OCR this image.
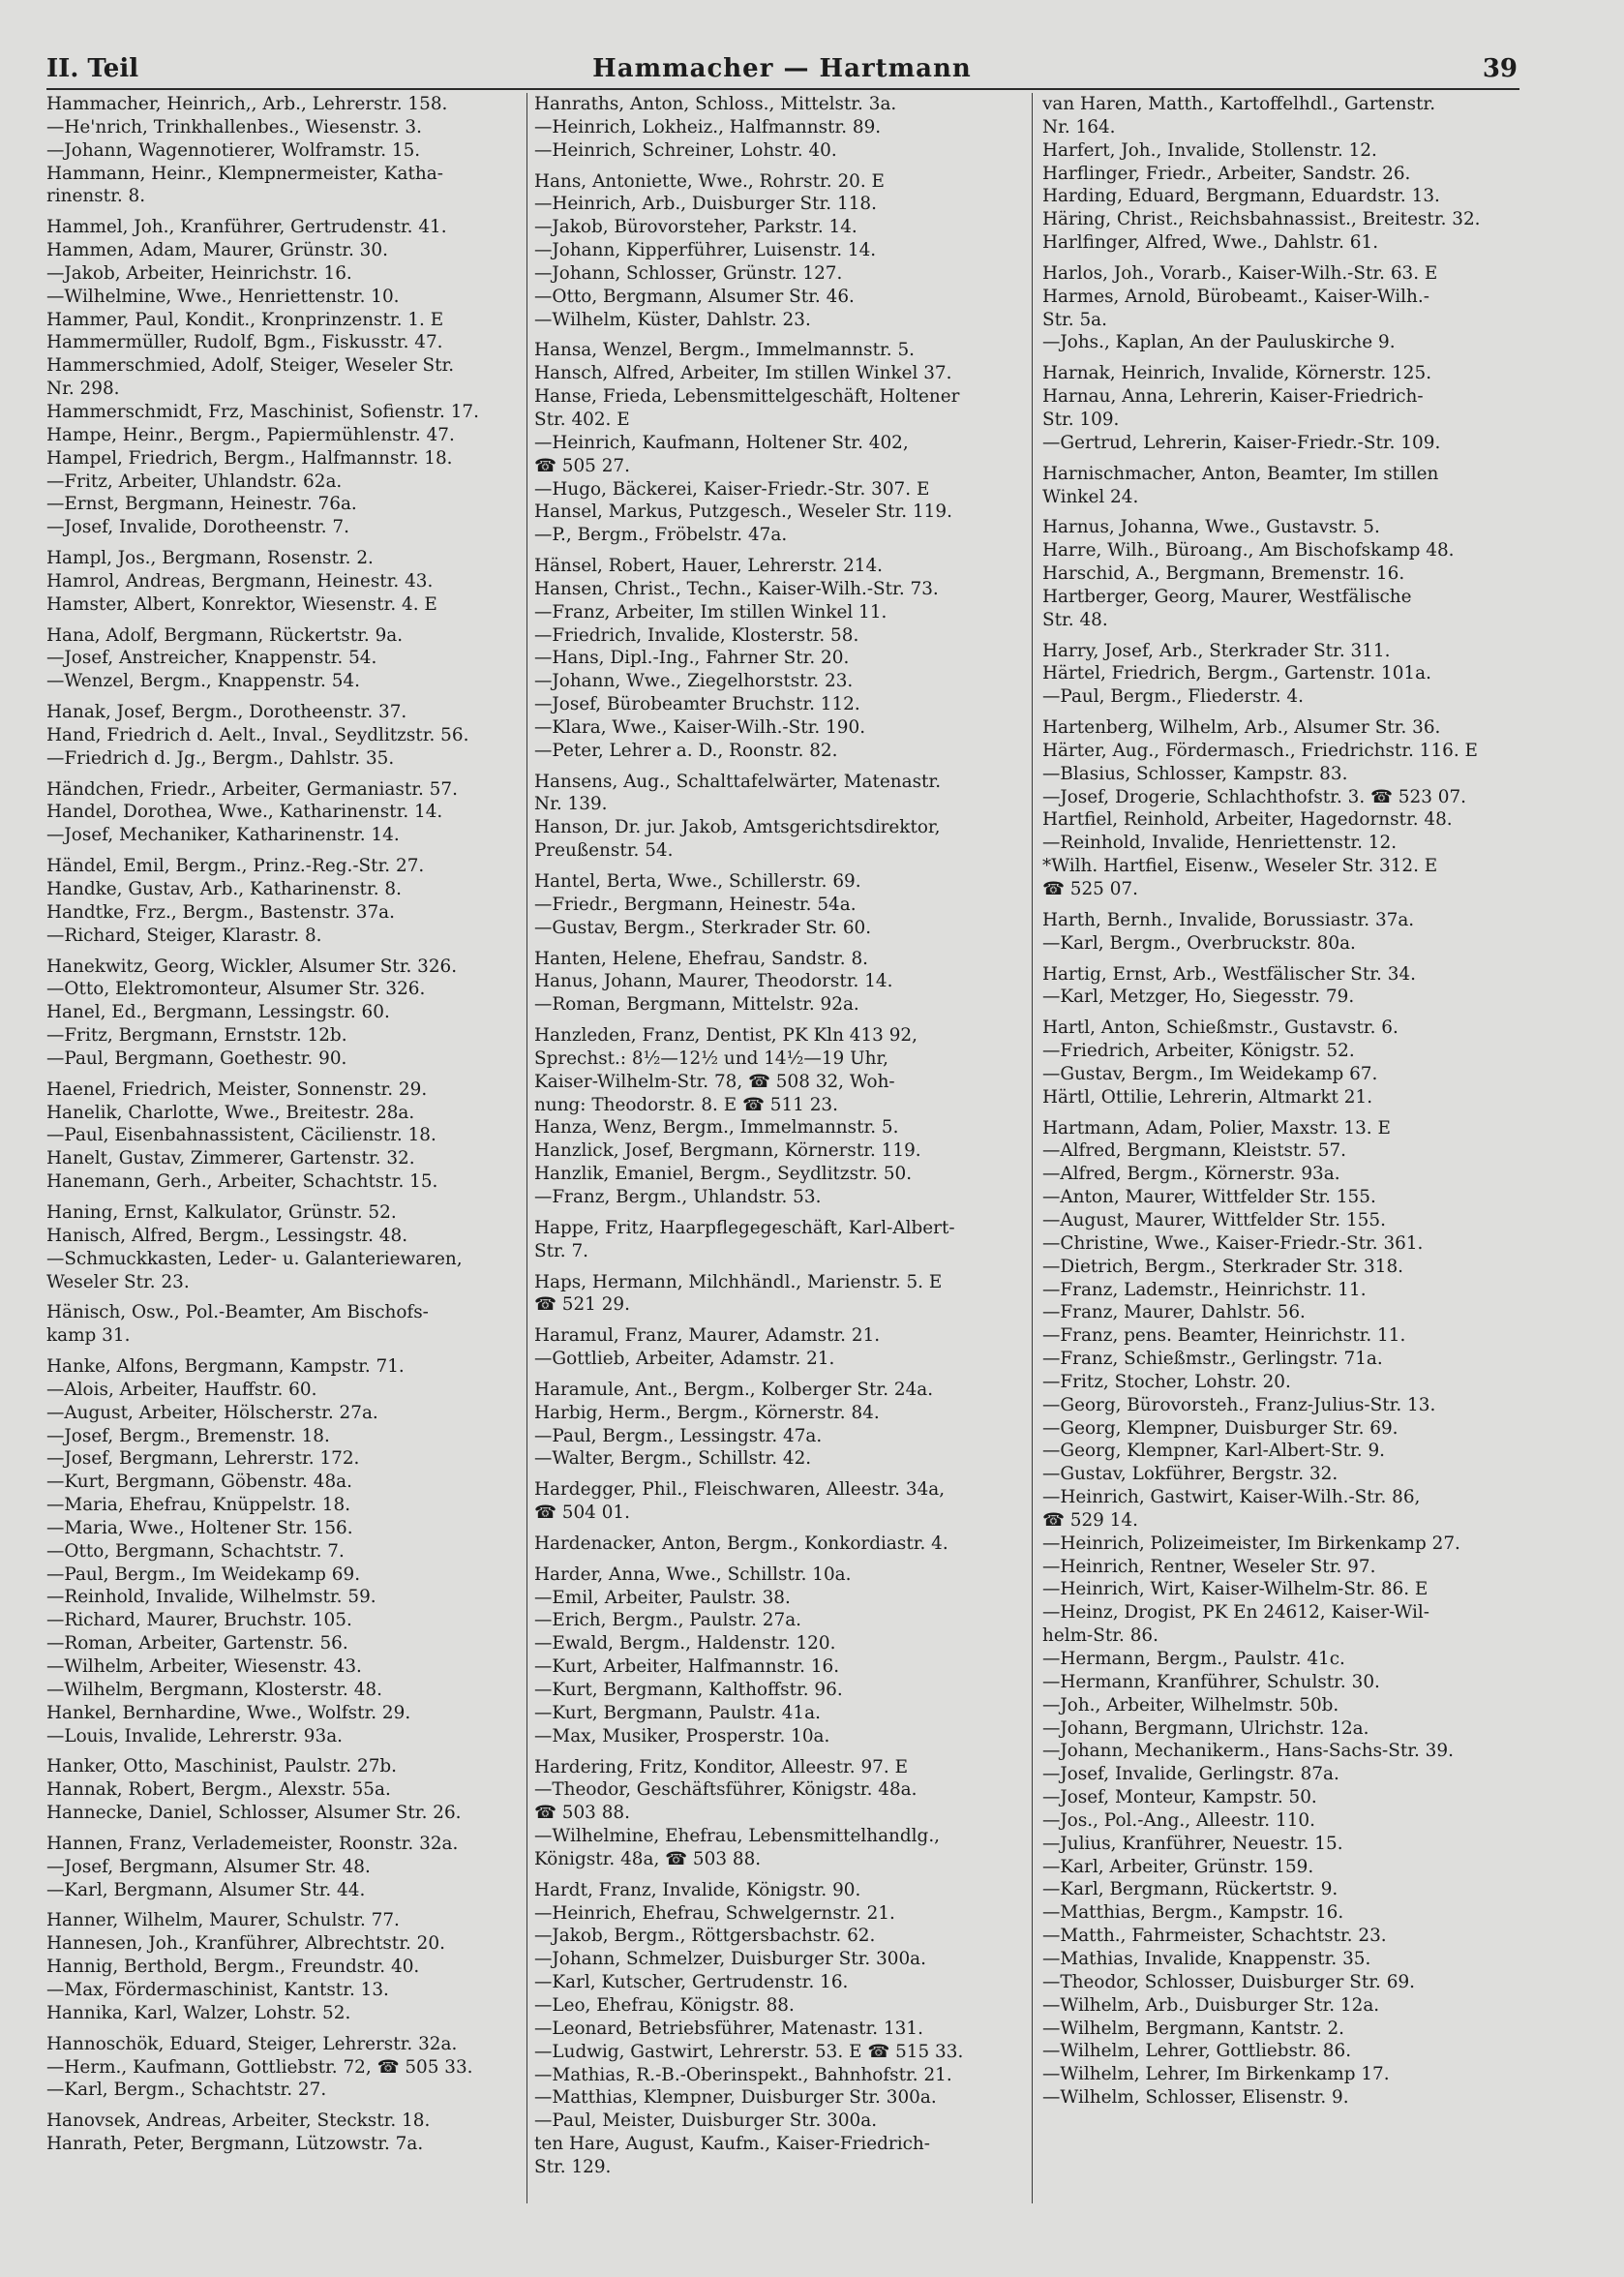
II. Teil	Hammacher — Hartmann	39
Hammacher, Heinrich,, Arb., Lehrerstr. 158.
—He'nrich, Trinkhallenbes., Wiesenstr. 3.
—Johann, Wagennotierer, Wolframstr. 15.
Hammann, Heinr., Klempnermeister, Katha-
rinenstr. 8.
Hammel, Joh., Kranführer, Gertrudenstr. 41.
Hammen, Adam, Maurer, Grünstr. 30.
—Jakob, Arbeiter, Heinrichstr. 16.
—Wilhelmine, Wwe., Henriettenstr. 10.
Hammer, Paul, Kondit., Kronprinzenstr. 1. E
Hammermüller, Rudolf, Bgm., Fiskusstr. 47.
Hammerschmied, Adolf, Steiger, Weseler Str.
Nr. 298.
Hammerschmidt, Frz, Maschinist, Sofienstr. 17.
Hampe, Heinr., Bergm., Papiermühlenstr. 47.
Hampel, Friedrich, Bergm., Halfmannstr. 18.
—Fritz, Arbeiter, Uhlandstr. 62a.
—Ernst, Bergmann, Heinestr. 76a.
—Josef, Invalide, Dorotheenstr. 7.
Hampl, Jos., Bergmann, Rosenstr. 2.
Hamrol, Andreas, Bergmann, Heinestr. 43.
Hamster, Albert, Konrektor, Wiesenstr. 4. E
Hana, Adolf, Bergmann, Rückertstr. 9a.
—Josef, Anstreicher, Knappenstr. 54.
—Wenzel, Bergm., Knappenstr. 54.
Hanak, Josef, Bergm., Dorotheenstr. 37.
Hand, Friedrich d. Aelt., Inval., Seydlitzstr. 56.
—Friedrich d. Jg., Bergm., Dahlstr. 35.
Händchen, Friedr., Arbeiter, Germaniastr. 57.
Handel, Dorothea, Wwe., Katharinenstr. 14.
—Josef, Mechaniker, Katharinenstr. 14.
Händel, Emil, Bergm., Prinz.-Reg.-Str. 27.
Handke, Gustav, Arb., Katharinenstr. 8.
Handtke, Frz., Bergm., Bastenstr. 37a.
—Richard, Steiger, Klarastr. 8.
Hanekwitz, Georg, Wickler, Alsumer Str. 326.
—Otto, Elektromonteur, Alsumer Str. 326.
Hanel, Ed., Bergmann, Lessingstr. 60.
—Fritz, Bergmann, Ernststr. 12b.
—Paul, Bergmann, Goethestr. 90.
Haenel, Friedrich, Meister, Sonnenstr. 29.
Hanelik, Charlotte, Wwe., Breitestr. 28a.
—Paul, Eisenbahnassistent, Cäcilienstr. 18.
Hanelt, Gustav, Zimmerer, Gartenstr. 32.
Hanemann, Gerh., Arbeiter, Schachtstr. 15.
Haning, Ernst, Kalkulator, Grünstr. 52.
Hanisch, Alfred, Bergm., Lessingstr. 48.
—Schmuckkasten, Leder- u. Galanteriewaren,
Weseler Str. 23.
Hänisch, Osw., Pol.-Beamter, Am Bischofs-
kamp 31.
Hanke, Alfons, Bergmann, Kampstr. 71.
—Alois, Arbeiter, Hauffstr. 60.
—August, Arbeiter, Hölscherstr. 27a.
—Josef, Bergm., Bremenstr. 18.
—Josef, Bergmann, Lehrerstr. 172.
—Kurt, Bergmann, Göbenstr. 48a.
—Maria, Ehefrau, Knüppelstr. 18.
—Maria, Wwe., Holtener Str. 156.
—Otto, Bergmann, Schachtstr. 7.
—Paul, Bergm., Im Weidekamp 69.
—Reinhold, Invalide, Wilhelmstr. 59.
—Richard, Maurer, Bruchstr. 105.
—Roman, Arbeiter, Gartenstr. 56.
—Wilhelm, Arbeiter, Wiesenstr. 43.
—Wilhelm, Bergmann, Klosterstr. 48.
Hankel, Bernhardine, Wwe., Wolfstr. 29.
—Louis, Invalide, Lehrerstr. 93a.
Hanker, Otto, Maschinist, Paulstr. 27b.
Hannak, Robert, Bergm., Alexstr. 55a.
Hannecke, Daniel, Schlosser, Alsumer Str. 26.
Hannen, Franz, Verlademeister, Roonstr. 32a.
—Josef, Bergmann, Alsumer Str. 48.
—Karl, Bergmann, Alsumer Str. 44.
Hanner, Wilhelm, Maurer, Schulstr. 77.
Hannesen, Joh., Kranführer, Albrechtstr. 20.
Hannig, Berthold, Bergm., Freundstr. 40.
—Max, Fördermaschinist, Kantstr. 13.
Hannika, Karl, Walzer, Lohstr. 52.
Hannoschök, Eduard, Steiger, Lehrerstr. 32a.
—Herm., Kaufmann, Gottliebstr. 72, ☎ 505 33.
—Karl, Bergm., Schachtstr. 27.
Hanovsek, Andreas, Arbeiter, Steckstr. 18.
Hanrath, Peter, Bergmann, Lützowstr. 7a.
Hanraths, Anton, Schloss., Mittelstr. 3a.
—Heinrich, Lokheiz., Halfmannstr. 89.
—Heinrich, Schreiner, Lohstr. 40.
Hans, Antoniette, Wwe., Rohrstr. 20. E
—Heinrich, Arb., Duisburger Str. 118.
—Jakob, Bürovorsteher, Parkstr. 14.
—Johann, Kipperführer, Luisenstr. 14.
—Johann, Schlosser, Grünstr. 127.
—Otto, Bergmann, Alsumer Str. 46.
—Wilhelm, Küster, Dahlstr. 23.
Hansa, Wenzel, Bergm., Immelmannstr. 5.
Hansch, Alfred, Arbeiter, Im stillen Winkel 37.
Hanse, Frieda, Lebensmittelgeschäft, Holtener
Str. 402. E
—Heinrich, Kaufmann, Holtener Str. 402,
☎ 505 27.
—Hugo, Bäckerei, Kaiser-Friedr.-Str. 307. E
Hansel, Markus, Putzgesch., Weseler Str. 119.
—P., Bergm., Fröbelstr. 47a.
Hänsel, Robert, Hauer, Lehrerstr. 214.
Hansen, Christ., Techn., Kaiser-Wilh.-Str. 73.
—Franz, Arbeiter, Im stillen Winkel 11.
—Friedrich, Invalide, Klosterstr. 58.
—Hans, Dipl.-Ing., Fahrner Str. 20.
—Johann, Wwe., Ziegelhorststr. 23.
—Josef, Bürobeamter Bruchstr. 112.
—Klara, Wwe., Kaiser-Wilh.-Str. 190.
—Peter, Lehrer a. D., Roonstr. 82.
Hansens, Aug., Schalttafelwärter, Matenastr.
Nr. 139.
Hanson, Dr. jur. Jakob, Amtsgerichtsdirektor,
Preußenstr. 54.
Hantel, Berta, Wwe., Schillerstr. 69.
—Friedr., Bergmann, Heinestr. 54a.
—Gustav, Bergm., Sterkrader Str. 60.
Hanten, Helene, Ehefrau, Sandstr. 8.
Hanus, Johann, Maurer, Theodorstr. 14.
—Roman, Bergmann, Mittelstr. 92a.
Hanzleden, Franz, Dentist, PK Kln 413 92,
Sprechst.: 8½—12½ und 14½—19 Uhr,
Kaiser-Wilhelm-Str. 78, ☎ 508 32, Woh-
nung: Theodorstr. 8. E ☎ 511 23.
Hanza, Wenz, Bergm., Immelmannstr. 5.
Hanzlick, Josef, Bergmann, Körnerstr. 119.
Hanzlik, Emaniel, Bergm., Seydlitzstr. 50.
—Franz, Bergm., Uhlandstr. 53.
Happe, Fritz, Haarpflegegeschäft, Karl-Albert-
Str. 7.
Haps, Hermann, Milchhändl., Marienstr. 5. E
☎ 521 29.
Haramul, Franz, Maurer, Adamstr. 21.
—Gottlieb, Arbeiter, Adamstr. 21.
Haramule, Ant., Bergm., Kolberger Str. 24a.
Harbig, Herm., Bergm., Körnerstr. 84.
—Paul, Bergm., Lessingstr. 47a.
—Walter, Bergm., Schillstr. 42.
Hardegger, Phil., Fleischwaren, Alleestr. 34a,
☎ 504 01.
Hardenacker, Anton, Bergm., Konkordiastr. 4.
Harder, Anna, Wwe., Schillstr. 10a.
—Emil, Arbeiter, Paulstr. 38.
—Erich, Bergm., Paulstr. 27a.
—Ewald, Bergm., Haldenstr. 120.
—Kurt, Arbeiter, Halfmannstr. 16.
—Kurt, Bergmann, Kalthoffstr. 96.
—Kurt, Bergmann, Paulstr. 41a.
—Max, Musiker, Prosperstr. 10a.
Hardering, Fritz, Konditor, Alleestr. 97. E
—Theodor, Geschäftsführer, Königstr. 48a.
☎ 503 88.
—Wilhelmine, Ehefrau, Lebensmittelhandlg.,
Königstr. 48a, ☎ 503 88.
Hardt, Franz, Invalide, Königstr. 90.
—Heinrich, Ehefrau, Schwelgernstr. 21.
—Jakob, Bergm., Röttgersbachstr. 62.
—Johann, Schmelzer, Duisburger Str. 300a.
—Karl, Kutscher, Gertrudenstr. 16.
—Leo, Ehefrau, Königstr. 88.
—Leonard, Betriebsführer, Matenastr. 131.
—Ludwig, Gastwirt, Lehrerstr. 53. E ☎ 515 33.
—Mathias, R.-B.-Oberinspekt., Bahnhofstr. 21.
—Matthias, Klempner, Duisburger Str. 300a.
—Paul, Meister, Duisburger Str. 300a.
ten Hare, August, Kaufm., Kaiser-Friedrich-
Str. 129.
van Haren, Matth., Kartoffelhdl., Gartenstr.
Nr. 164.
Harfert, Joh., Invalide, Stollenstr. 12.
Harflinger, Friedr., Arbeiter, Sandstr. 26.
Harding, Eduard, Bergmann, Eduardstr. 13.
Häring, Christ., Reichsbahnassist., Breitestr. 32.
Harlfinger, Alfred, Wwe., Dahlstr. 61.
Harlos, Joh., Vorarb., Kaiser-Wilh.-Str. 63. E
Harmes, Arnold, Bürobeamt., Kaiser-Wilh.-
Str. 5a.
—Johs., Kaplan, An der Pauluskirche 9.
Harnak, Heinrich, Invalide, Körnerstr. 125.
Harnau, Anna, Lehrerin, Kaiser-Friedrich-
Str. 109.
—Gertrud, Lehrerin, Kaiser-Friedr.-Str. 109.
Harnischmacher, Anton, Beamter, Im stillen
Winkel 24.
Harnus, Johanna, Wwe., Gustavstr. 5.
Harre, Wilh., Büroang., Am Bischofskamp 48.
Harschid, A., Bergmann, Bremenstr. 16.
Hartberger, Georg, Maurer, Westfälische
Str. 48.
Harry, Josef, Arb., Sterkrader Str. 311.
Härtel, Friedrich, Bergm., Gartenstr. 101a.
—Paul, Bergm., Fliederstr. 4.
Hartenberg, Wilhelm, Arb., Alsumer Str. 36.
Härter, Aug., Fördermasch., Friedrichstr. 116. E
—Blasius, Schlosser, Kampstr. 83.
—Josef, Drogerie, Schlachthofstr. 3. ☎ 523 07.
Hartfiel, Reinhold, Arbeiter, Hagedornstr. 48.
—Reinhold, Invalide, Henriettenstr. 12.
*Wilh. Hartfiel, Eisenw., Weseler Str. 312. E
☎ 525 07.
Harth, Bernh., Invalide, Borussiastr. 37a.
—Karl, Bergm., Overbruckstr. 80a.
Hartig, Ernst, Arb., Westfälischer Str. 34.
—Karl, Metzger, Ho, Siegesstr. 79.
Hartl, Anton, Schießmstr., Gustavstr. 6.
—Friedrich, Arbeiter, Königstr. 52.
—Gustav, Bergm., Im Weidekamp 67.
Härtl, Ottilie, Lehrerin, Altmarkt 21.
Hartmann, Adam, Polier, Maxstr. 13. E
—Alfred, Bergmann, Kleiststr. 57.
—Alfred, Bergm., Körnerstr. 93a.
—Anton, Maurer, Wittfelder Str. 155.
—August, Maurer, Wittfelder Str. 155.
—Christine, Wwe., Kaiser-Friedr.-Str. 361.
—Dietrich, Bergm., Sterkrader Str. 318.
—Franz, Lademstr., Heinrichstr. 11.
—Franz, Maurer, Dahlstr. 56.
—Franz, pens. Beamter, Heinrichstr. 11.
—Franz, Schießmstr., Gerlingstr. 71a.
—Fritz, Stocher, Lohstr. 20.
—Georg, Bürovorsteh., Franz-Julius-Str. 13.
—Georg, Klempner, Duisburger Str. 69.
—Georg, Klempner, Karl-Albert-Str. 9.
—Gustav, Lokführer, Bergstr. 32.
—Heinrich, Gastwirt, Kaiser-Wilh.-Str. 86,
☎ 529 14.
—Heinrich, Polizeimeister, Im Birkenkamp 27.
—Heinrich, Rentner, Weseler Str. 97.
—Heinrich, Wirt, Kaiser-Wilhelm-Str. 86. E
—Heinz, Drogist, PK En 24612, Kaiser-Wil-
helm-Str. 86.
—Hermann, Bergm., Paulstr. 41c.
—Hermann, Kranführer, Schulstr. 30.
—Joh., Arbeiter, Wilhelmstr. 50b.
—Johann, Bergmann, Ulrichstr. 12a.
—Johann, Mechanikerm., Hans-Sachs-Str. 39.
—Josef, Invalide, Gerlingstr. 87a.
—Josef, Monteur, Kampstr. 50.
—Jos., Pol.-Ang., Alleestr. 110.
—Julius, Kranführer, Neuestr. 15.
—Karl, Arbeiter, Grünstr. 159.
—Karl, Bergmann, Rückertstr. 9.
—Matthias, Bergm., Kampstr. 16.
—Matth., Fahrmeister, Schachtstr. 23.
—Mathias, Invalide, Knappenstr. 35.
—Theodor, Schlosser, Duisburger Str. 69.
—Wilhelm, Arb., Duisburger Str. 12a.
—Wilhelm, Bergmann, Kantstr. 2.
—Wilhelm, Lehrer, Gottliebstr. 86.
—Wilhelm, Lehrer, Im Birkenkamp 17.
—Wilhelm, Schlosser, Elisenstr. 9.
